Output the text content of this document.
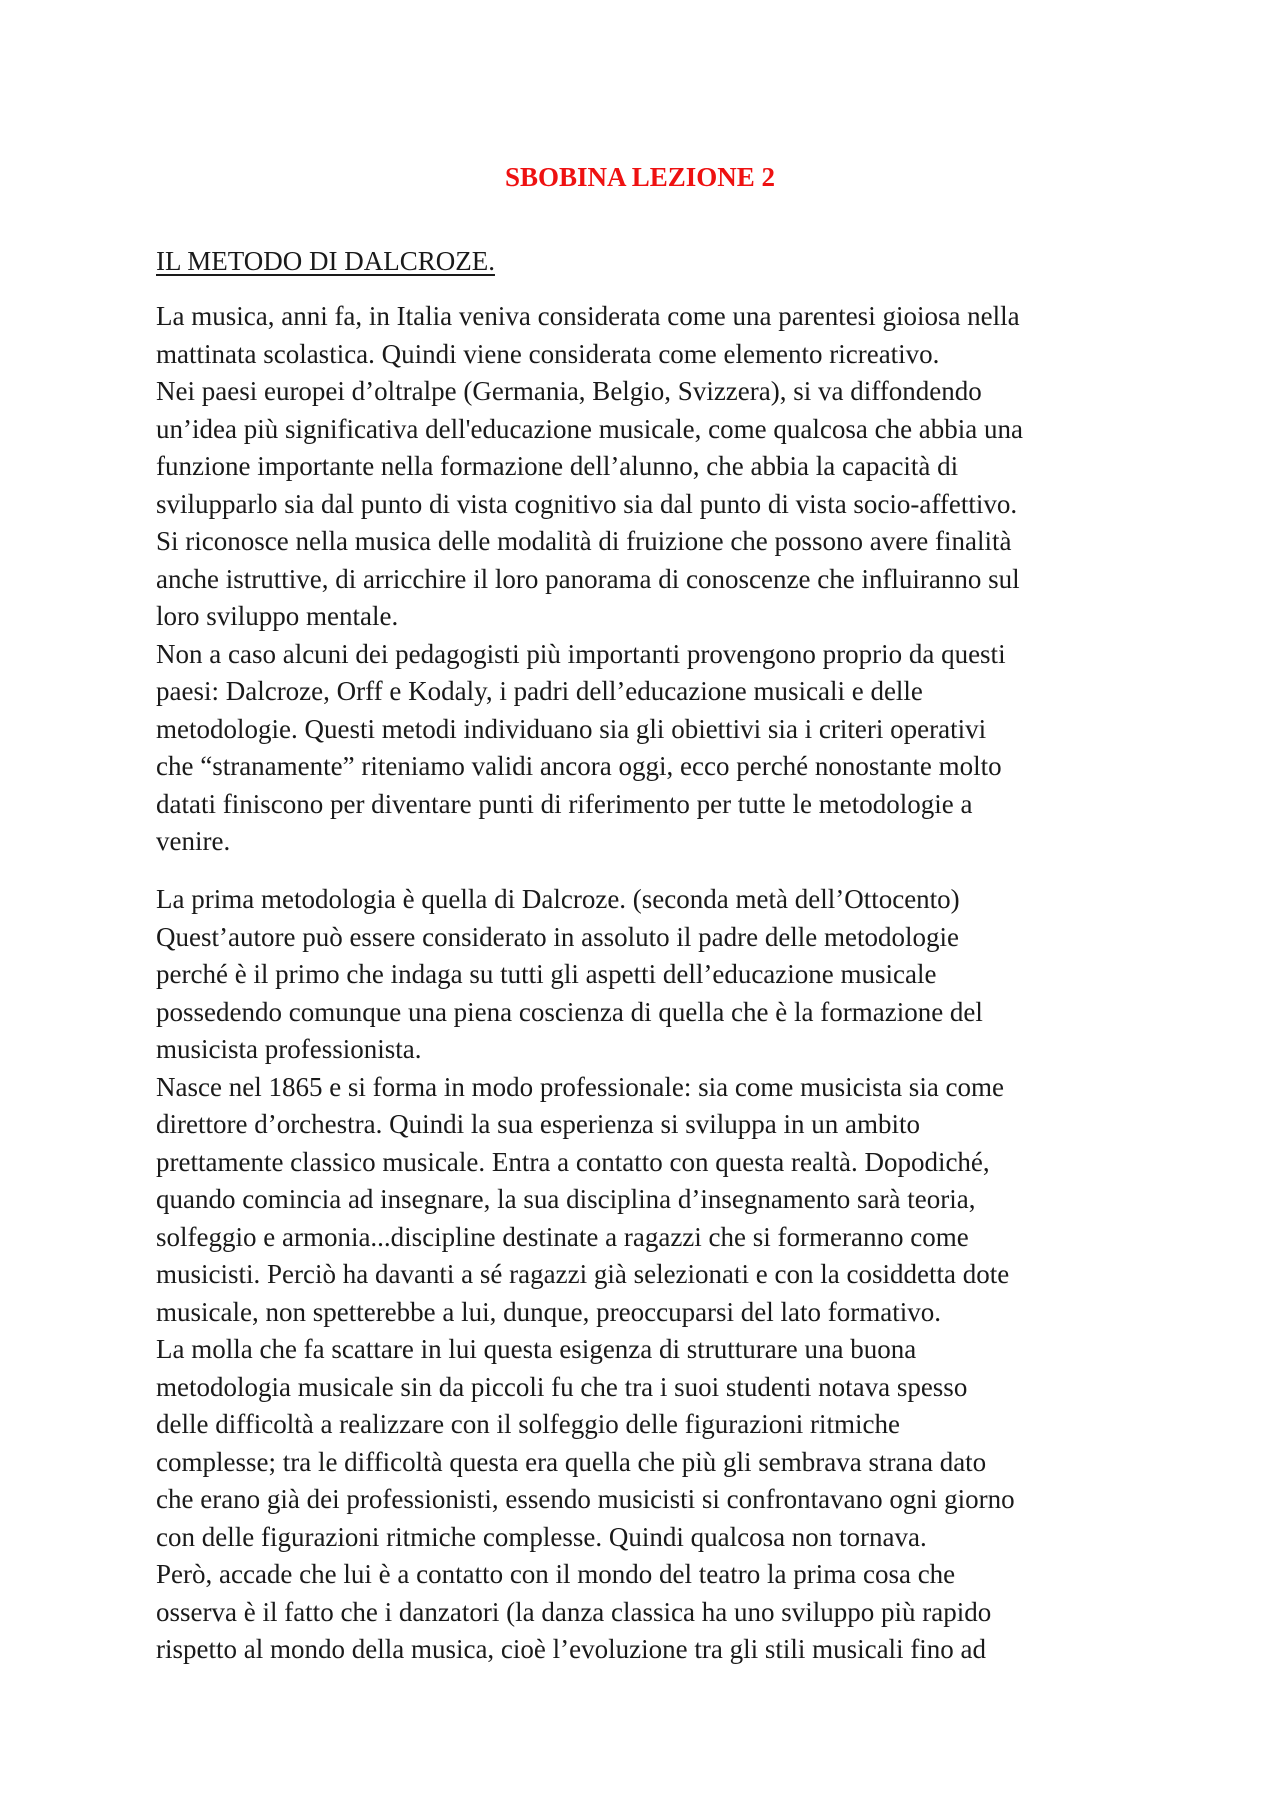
SBOBINA LEZIONE 2
IL METODO DI DALCROZE.
La musica, anni fa, in Italia veniva considerata come una parentesi gioiosa nella
mattinata scolastica. Quindi viene considerata come elemento ricreativo.
Nei paesi europei d’oltralpe (Germania, Belgio, Svizzera), si va diffondendo
un’idea più significativa dell'educazione musicale, come qualcosa che abbia una
funzione importante nella formazione dell’alunno, che abbia la capacità di
svilupparlo sia dal punto di vista cognitivo sia dal punto di vista socio-affettivo.
Si riconosce nella musica delle modalità di fruizione che possono avere finalità
anche istruttive, di arricchire il loro panorama di conoscenze che influiranno sul
loro sviluppo mentale.
Non a caso alcuni dei pedagogisti più importanti provengono proprio da questi
paesi: Dalcroze, Orff e Kodaly, i padri dell’educazione musicali e delle
metodologie. Questi metodi individuano sia gli obiettivi sia i criteri operativi
che “stranamente” riteniamo validi ancora oggi, ecco perché nonostante molto
datati finiscono per diventare punti di riferimento per tutte le metodologie a
venire.
La prima metodologia è quella di Dalcroze. (seconda metà dell’Ottocento)
Quest’autore può essere considerato in assoluto il padre delle metodologie
perché è il primo che indaga su tutti gli aspetti dell’educazione musicale
possedendo comunque una piena coscienza di quella che è la formazione del
musicista professionista.
Nasce nel 1865 e si forma in modo professionale: sia come musicista sia come
direttore d’orchestra. Quindi la sua esperienza si sviluppa in un ambito
prettamente classico musicale. Entra a contatto con questa realtà. Dopodiché,
quando comincia ad insegnare, la sua disciplina d’insegnamento sarà teoria,
solfeggio e armonia...discipline destinate a ragazzi che si formeranno come
musicisti. Perciò ha davanti a sé ragazzi già selezionati e con la cosiddetta dote
musicale, non spetterebbe a lui, dunque, preoccuparsi del lato formativo.
La molla che fa scattare in lui questa esigenza di strutturare una buona
metodologia musicale sin da piccoli fu che tra i suoi studenti notava spesso
delle difficoltà a realizzare con il solfeggio delle figurazioni ritmiche
complesse; tra le difficoltà questa era quella che più gli sembrava strana dato
che erano già dei professionisti, essendo musicisti si confrontavano ogni giorno
con delle figurazioni ritmiche complesse. Quindi qualcosa non tornava.
Però, accade che lui è a contatto con il mondo del teatro la prima cosa che
osserva è il fatto che i danzatori (la danza classica ha uno sviluppo più rapido
rispetto al mondo della musica, cioè l’evoluzione tra gli stili musicali fino ad
